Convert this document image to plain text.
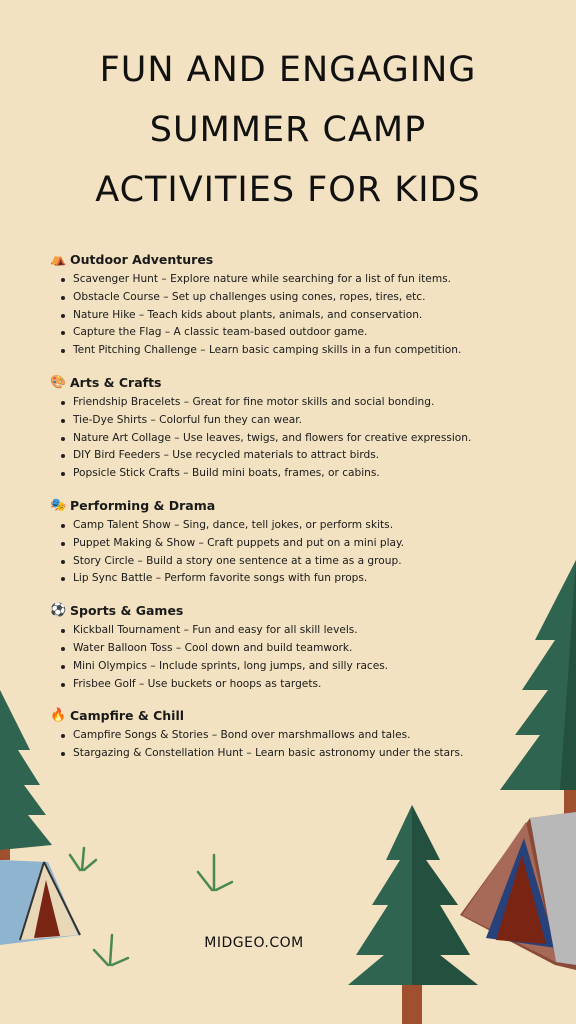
FUN AND ENGAGING
SUMMER CAMP
ACTIVITIES FOR KIDS
⛺ Outdoor Adventures
Scavenger Hunt – Explore nature while searching for a list of fun items.
Obstacle Course – Set up challenges using cones, ropes, tires, etc.
Nature Hike – Teach kids about plants, animals, and conservation.
Capture the Flag – A classic team-based outdoor game.
Tent Pitching Challenge – Learn basic camping skills in a fun competition.
🎨 Arts & Crafts
Friendship Bracelets – Great for fine motor skills and social bonding.
Tie-Dye Shirts – Colorful fun they can wear.
Nature Art Collage – Use leaves, twigs, and flowers for creative expression.
DIY Bird Feeders – Use recycled materials to attract birds.
Popsicle Stick Crafts – Build mini boats, frames, or cabins.
🎭 Performing & Drama
Camp Talent Show – Sing, dance, tell jokes, or perform skits.
Puppet Making & Show – Craft puppets and put on a mini play.
Story Circle – Build a story one sentence at a time as a group.
Lip Sync Battle – Perform favorite songs with fun props.
⚽ Sports & Games
Kickball Tournament – Fun and easy for all skill levels.
Water Balloon Toss – Cool down and build teamwork.
Mini Olympics – Include sprints, long jumps, and silly races.
Frisbee Golf – Use buckets or hoops as targets.
🔥 Campfire & Chill
Campfire Songs & Stories – Bond over marshmallows and tales.
Stargazing & Constellation Hunt – Learn basic astronomy under the stars.
MIDGEO.COM
